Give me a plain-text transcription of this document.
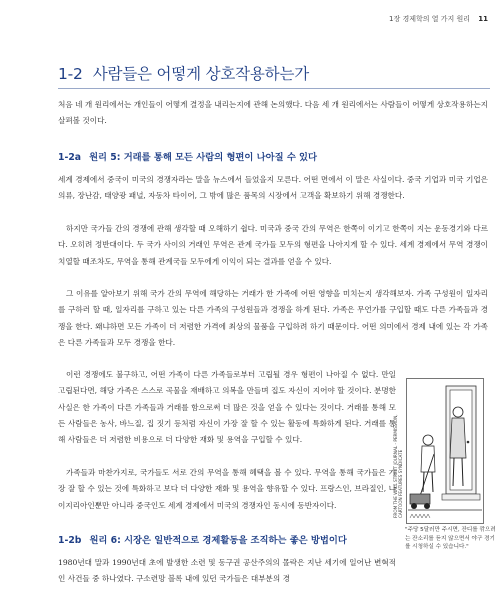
1장 경제학의 열 가지 원리 11
1-2 사람들은 어떻게 상호작용하는가

처음 네 개 원리에서는 개인들이 어떻게 결정을 내리는지에 관해 논의했다. 다음 세 개 원리에서는 사람들이 어떻게 상호작용하는지 살펴볼 것이다.

1-2a 원리 5: 거래를 통해 모든 사람의 형편이 나아질 수 있다

세계 경제에서 중국이 미국의 경쟁자라는 말을 뉴스에서 들었을지 모른다. 어떤 면에서 이 말은 사실이다. 중국 기업과 미국 기업은 의류, 장난감, 태양광 패널, 자동차 타이어, 그 밖에 많은 품목의 시장에서 고객을 확보하기 위해 경쟁한다.

하지만 국가들 간의 경쟁에 관해 생각할 때 오해하기 쉽다. 미국과 중국 간의 무역은 한쪽이 이기고 한쪽이 지는 운동경기와 다르다. 오히려 정반대이다. 두 국가 사이의 거래인 무역은 관계 국가들 모두의 형편을 나아지게 할 수 있다. 세계 경제에서 무역 경쟁이 치열할 때조차도, 무역을 통해 관계국들 모두에게 이익이 되는 결과를 얻을 수 있다.

그 이유를 알아보기 위해 국가 간의 무역에 해당하는 거래가 한 가족에 어떤 영향을 미치는지 생각해보자. 가족 구성원이 일자리를 구하러 할 때, 일자리를 구하고 있는 다른 가족의 구성원들과 경쟁을 하게 된다. 가족은 무언가를 구입할 때도 다른 가족들과 경쟁을 한다. 왜냐하면 모든 가족이 더 저렴한 가격에 최상의 물품을 구입하려 하기 때문이다. 어떤 의미에서 경제 내에 있는 각 가족은 다른 가족들과 모두 경쟁을 한다.

이런 경쟁에도 불구하고, 어떤 가족이 다른 가족들로부터 고립될 경우 형편이 나아질 수 없다. 만일 고립된다면, 해당 가족은 스스로 곡물을 재배하고 의복을 만들며 집도 자신이 지어야 할 것이다. 분명한 사실은 한 가족이 다른 가족들과 거래를 함으로써 더 많은 것을 얻을 수 있다는 것이다. 거래를 통해 모든 사람들은 농사, 바느질, 집 짓기 등처럼 자신이 가장 잘 할 수 있는 활동에 특화하게 된다. 거래를 통해 사람들은 더 저렴한 비용으로 더 다양한 재화 및 용역을 구입할 수 있다.

가족들과 마찬가지로, 국가들도 서로 간의 무역을 통해 혜택을 볼 수 있다. 무역을 통해 국가들은 가장 잘 할 수 있는 것에 특화하고 보다 더 다양한 재화 및 용역을 향유할 수 있다. 프랑스인, 브라질인, 나이지리아인뿐만 아니라 중국인도 세계 경제에서 미국의 경쟁자인 동시에 동반자이다.

1-2b 원리 6: 시장은 일반적으로 경제활동을 조직하는 좋은 방법이다

1980년대 말과 1990년대 초에 발생한 소련 및 동구권 공산주의의 몰락은 지난 세기에 일어난 변혁적인 사건들 중 하나였다. 구소련망 블록 내에 있던 국가들은 대부분의 경

FROM THE WALL STREET JOURNAL - PERMISSION, CARTOON FEATURES SYNDICATE

"주당 5달러만 주시면, 잔디를 깎으려는 잔소리를 듣지 않으면서 야구 경기를 시청하실 수 있습니다."
